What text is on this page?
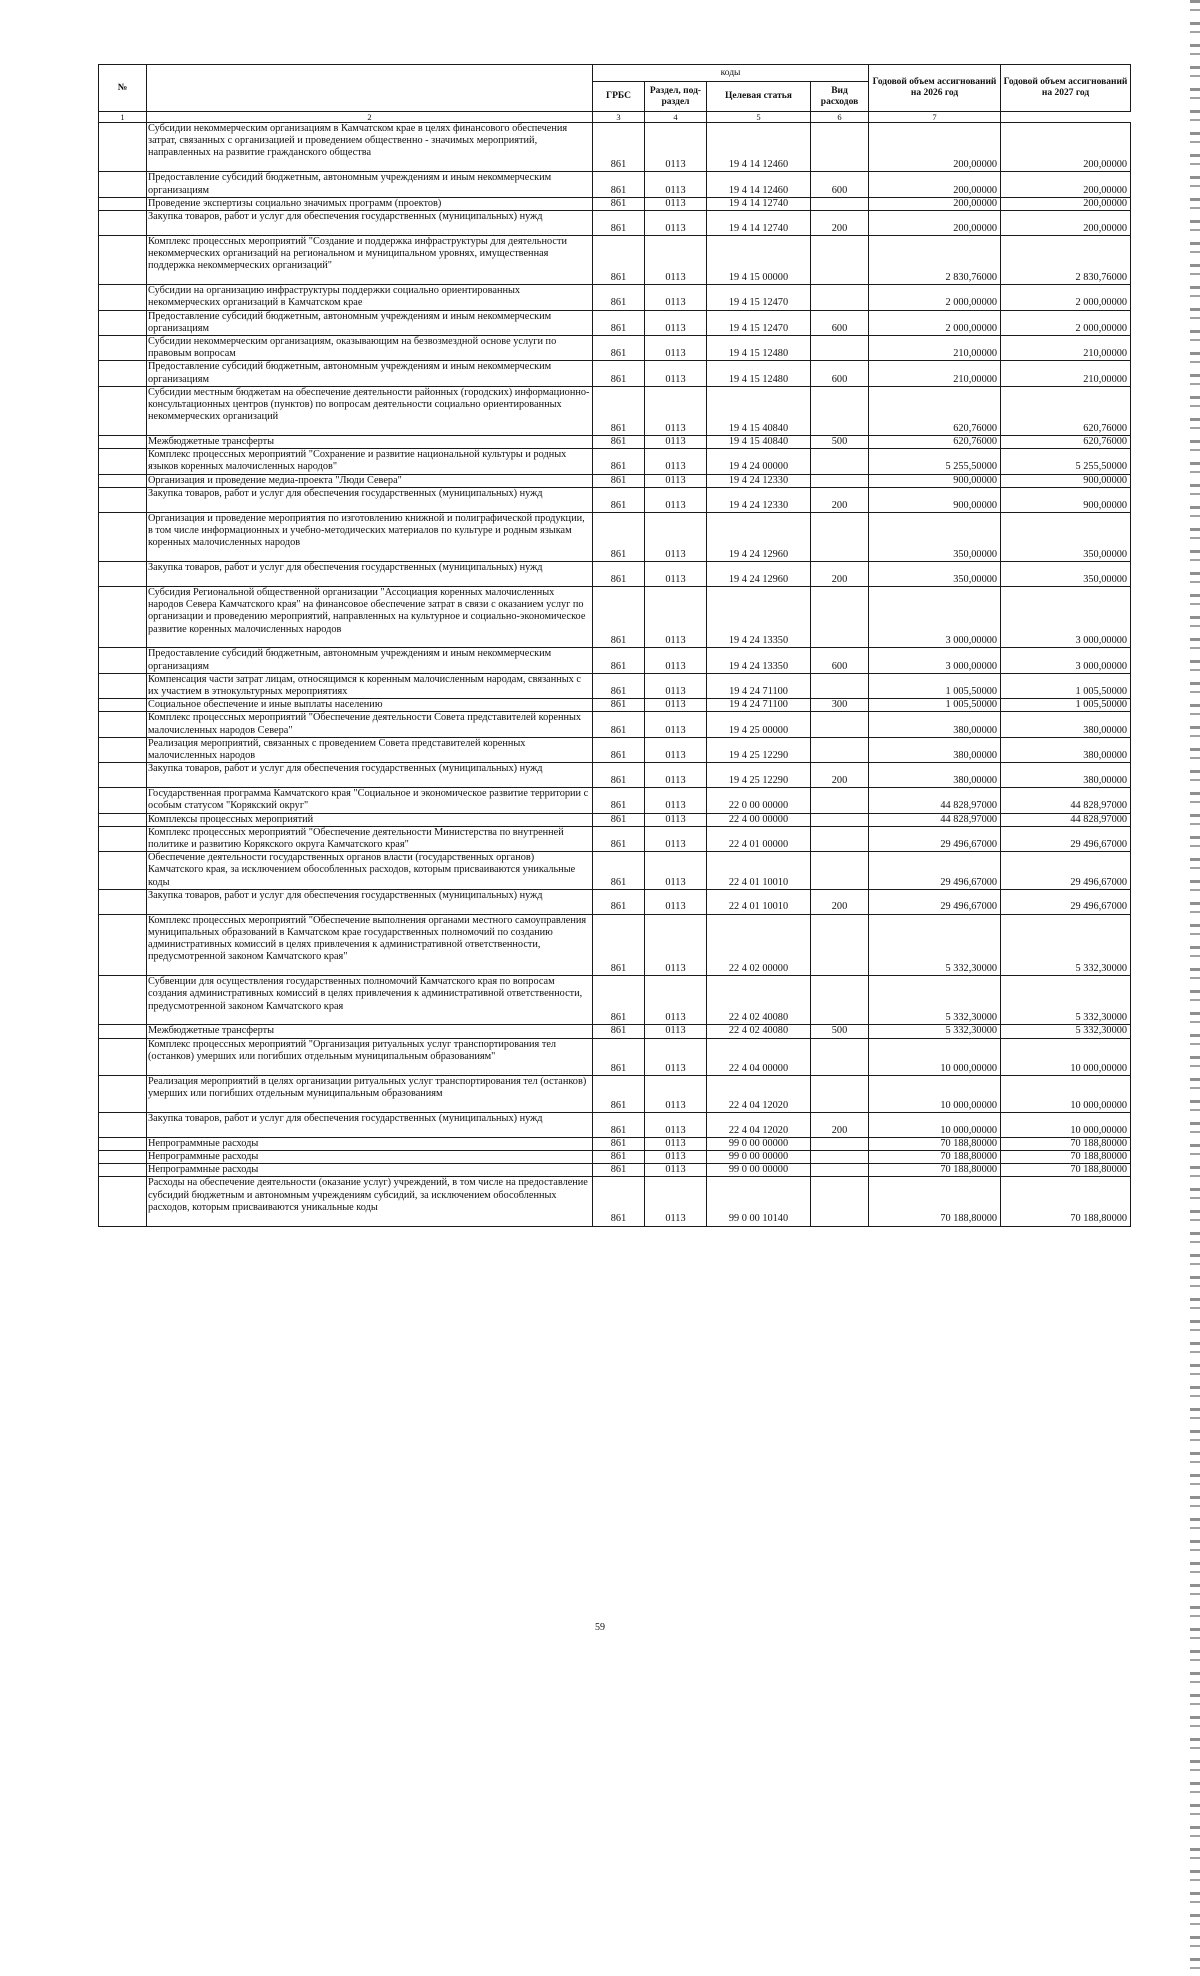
№		коды				Годовой объем ассигнований на 2026 год	Годовой объем ассигнований на 2027 год
		ГРБС	Раздел, под-раздел	Целевая статья	Вид расходов		
1	2	3	4	5	6	7	
	Субсидии некоммерческим организациям в Камчатском крае в целях финансового обеспечения затрат, связанных с организацией и проведением общественно - значимых мероприятий, направленных на развитие гражданского общества	861	0113	19 4 14 12460		200,00000	200,00000
	Предоставление субсидий бюджетным, автономным учреждениям и иным некоммерческим организациям	861	0113	19 4 14 12460	600	200,00000	200,00000
	Проведение экспертизы социально значимых программ (проектов)	861	0113	19 4 14 12740		200,00000	200,00000
	Закупка товаров, работ и услуг для обеспечения государственных (муниципальных) нужд	861	0113	19 4 14 12740	200	200,00000	200,00000
	Комплекс процессных мероприятий "Создание и поддержка инфраструктуры для деятельности некоммерческих организаций на региональном и муниципальном уровнях, имущественная поддержка некоммерческих организаций"	861	0113	19 4 15 00000		2 830,76000	2 830,76000
	Субсидии на организацию инфраструктуры поддержки социально ориентированных некоммерческих организаций в Камчатском крае	861	0113	19 4 15 12470		2 000,00000	2 000,00000
	Предоставление субсидий бюджетным, автономным учреждениям и иным некоммерческим организациям	861	0113	19 4 15 12470	600	2 000,00000	2 000,00000
	Субсидии некоммерческим организациям, оказывающим на безвозмездной основе услуги по правовым вопросам	861	0113	19 4 15 12480		210,00000	210,00000
	Предоставление субсидий бюджетным, автономным учреждениям и иным некоммерческим организациям	861	0113	19 4 15 12480	600	210,00000	210,00000
	Субсидии местным бюджетам на обеспечение деятельности районных (городских) информационно-консультационных центров (пунктов) по вопросам деятельности социально ориентированных некоммерческих организаций	861	0113	19 4 15 40840		620,76000	620,76000
	Межбюджетные трансферты	861	0113	19 4 15 40840	500	620,76000	620,76000
	Комплекс процессных мероприятий "Сохранение и развитие национальной культуры и родных языков коренных малочисленных народов"	861	0113	19 4 24 00000		5 255,50000	5 255,50000
	Организация и проведение медиа-проекта "Люди Севера"	861	0113	19 4 24 12330		900,00000	900,00000
	Закупка товаров, работ и услуг для обеспечения государственных (муниципальных) нужд	861	0113	19 4 24 12330	200	900,00000	900,00000
	Организация и проведение мероприятия по изготовлению книжной и полиграфической продукции, в том числе информационных и учебно-методических материалов по культуре и родным языкам коренных малочисленных народов	861	0113	19 4 24 12960		350,00000	350,00000
	Закупка товаров, работ и услуг для обеспечения государственных (муниципальных) нужд	861	0113	19 4 24 12960	200	350,00000	350,00000
	Субсидия Региональной общественной организации "Ассоциация коренных малочисленных народов Севера Камчатского края" на финансовое обеспечение затрат в связи с оказанием услуг по организации и проведению мероприятий, направленных на культурное и социально-экономическое развитие коренных малочисленных народов	861	0113	19 4 24 13350		3 000,00000	3 000,00000
	Предоставление субсидий бюджетным, автономным учреждениям и иным некоммерческим организациям	861	0113	19 4 24 13350	600	3 000,00000	3 000,00000
	Компенсация части затрат лицам, относящимся к коренным малочисленным народам, связанных с их участием в этнокультурных мероприятиях	861	0113	19 4 24 71100		1 005,50000	1 005,50000
	Социальное обеспечение и иные выплаты населению	861	0113	19 4 24 71100	300	1 005,50000	1 005,50000
	Комплекс процессных мероприятий "Обеспечение деятельности Совета представителей коренных малочисленных народов Севера"	861	0113	19 4 25 00000		380,00000	380,00000
	Реализация мероприятий, связанных с проведением Совета представителей коренных малочисленных народов	861	0113	19 4 25 12290		380,00000	380,00000
	Закупка товаров, работ и услуг для обеспечения государственных (муниципальных) нужд	861	0113	19 4 25 12290	200	380,00000	380,00000
	Государственная программа Камчатского края "Социальное и экономическое развитие территории с особым статусом "Корякский округ"	861	0113	22 0 00 00000		44 828,97000	44 828,97000
	Комплексы процессных мероприятий	861	0113	22 4 00 00000		44 828,97000	44 828,97000
	Комплекс процессных мероприятий "Обеспечение деятельности Министерства по внутренней политике и развитию Корякского округа Камчатского края"	861	0113	22 4 01 00000		29 496,67000	29 496,67000
	Обеспечение деятельности государственных органов власти (государственных органов) Камчатского края, за исключением обособленных расходов, которым присваиваются уникальные коды	861	0113	22 4 01 10010		29 496,67000	29 496,67000
	Закупка товаров, работ и услуг для обеспечения государственных (муниципальных) нужд	861	0113	22 4 01 10010	200	29 496,67000	29 496,67000
	Комплекс процессных мероприятий "Обеспечение выполнения органами местного самоуправления муниципальных образований в Камчатском крае государственных полномочий по созданию административных комиссий в целях привлечения к административной ответственности, предусмотренной законом Камчатского края"	861	0113	22 4 02 00000		5 332,30000	5 332,30000
	Субвенции для осуществления государственных полномочий Камчатского края по вопросам создания административных комиссий в целях привлечения к административной ответственности, предусмотренной законом Камчатского края	861	0113	22 4 02 40080		5 332,30000	5 332,30000
	Межбюджетные трансферты	861	0113	22 4 02 40080	500	5 332,30000	5 332,30000
	Комплекс процессных мероприятий "Организация ритуальных услуг транспортирования тел (останков) умерших или погибших отдельным муниципальным образованиям"	861	0113	22 4 04 00000		10 000,00000	10 000,00000
	Реализация мероприятий в целях организации ритуальных услуг транспортирования тел (останков) умерших или погибших отдельным муниципальным образованиям	861	0113	22 4 04 12020		10 000,00000	10 000,00000
	Закупка товаров, работ и услуг для обеспечения государственных (муниципальных) нужд	861	0113	22 4 04 12020	200	10 000,00000	10 000,00000
	Непрограммные расходы	861	0113	99 0 00 00000		70 188,80000	70 188,80000
	Непрограммные расходы	861	0113	99 0 00 00000		70 188,80000	70 188,80000
	Непрограммные расходы	861	0113	99 0 00 00000		70 188,80000	70 188,80000
	Расходы на обеспечение деятельности (оказание услуг) учреждений, в том числе на предоставление субсидий бюджетным и автономным учреждениям субсидий, за исключением обособленных расходов, которым присваиваются уникальные коды	861	0113	99 0 00 10140		70 188,80000	70 188,80000
59
